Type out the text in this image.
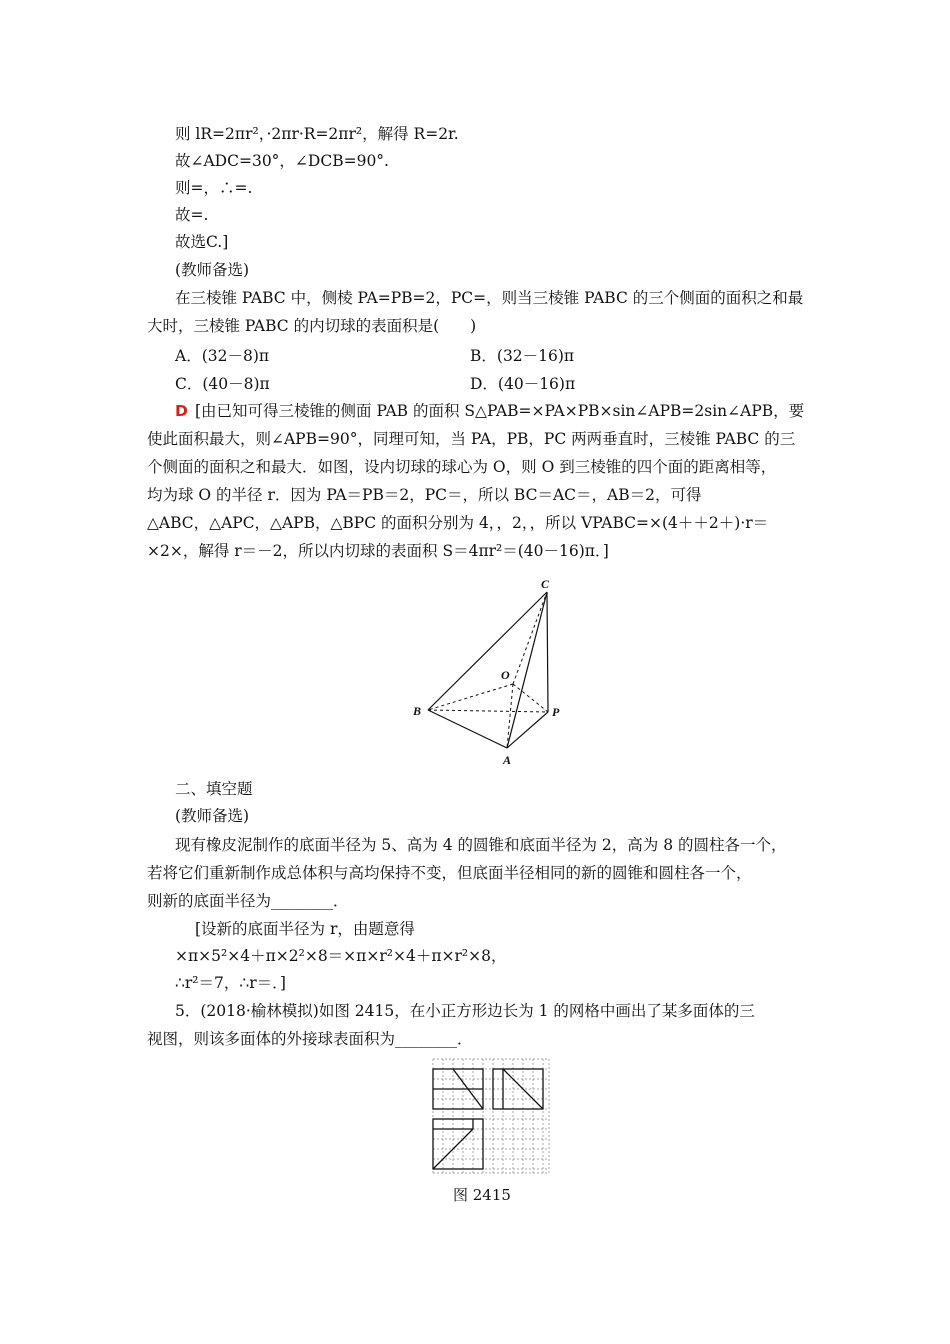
则 lR=2πr²，·2πr·R=2πr²，解得 R=2r.
故∠ADC=30°，∠DCB=90°.
则=，∴=.
故=.
故选C.]
(教师备选)
在三棱锥 PABC 中，侧棱 PA=PB=2，PC=，则当三棱锥 PABC 的三个侧面的面积之和最
大时，三棱锥 PABC 的内切球的表面积是(　　)
A．(32－8)π	B．(32－16)π
C．(40－8)π	D．(40－16)π
D [由已知可得三棱锥的侧面 PAB 的面积 S△PAB=×PA×PB×sin∠APB=2sin∠APB，要
使此面积最大，则∠APB=90°，同理可知，当 PA，PB，PC 两两垂直时，三棱锥 PABC 的三
个侧面的面积之和最大．如图，设内切球的球心为 O，则 O 到三棱锥的四个面的距离相等，
均为球 O 的半径 r．因为 PA＝PB＝2，PC＝，所以 BC＝AC＝，AB＝2，可得
△ABC，△APC，△APB，△BPC 的面积分别为 4，，2，，所以 VPABC=×(4＋＋2＋)·r＝
×2×，解得 r＝－2，所以内切球的表面积 S＝4πr²＝(40－16)π．]
C
O
B	P
A
二、填空题
(教师备选)
现有橡皮泥制作的底面半径为 5、高为 4 的圆锥和底面半径为 2，高为 8 的圆柱各一个，
若将它们重新制作成总体积与高均保持不变，但底面半径相同的新的圆锥和圆柱各一个，
则新的底面半径为________．
[设新的底面半径为 r，由题意得
×π×5²×4＋π×2²×8＝×π×r²×4＋π×r²×8，
∴r²＝7，∴r＝．]
5．(2018·榆林模拟)如图 2415，在小正方形边长为 1 的网格中画出了某多面体的三
视图，则该多面体的外接球表面积为________．
图 2415
